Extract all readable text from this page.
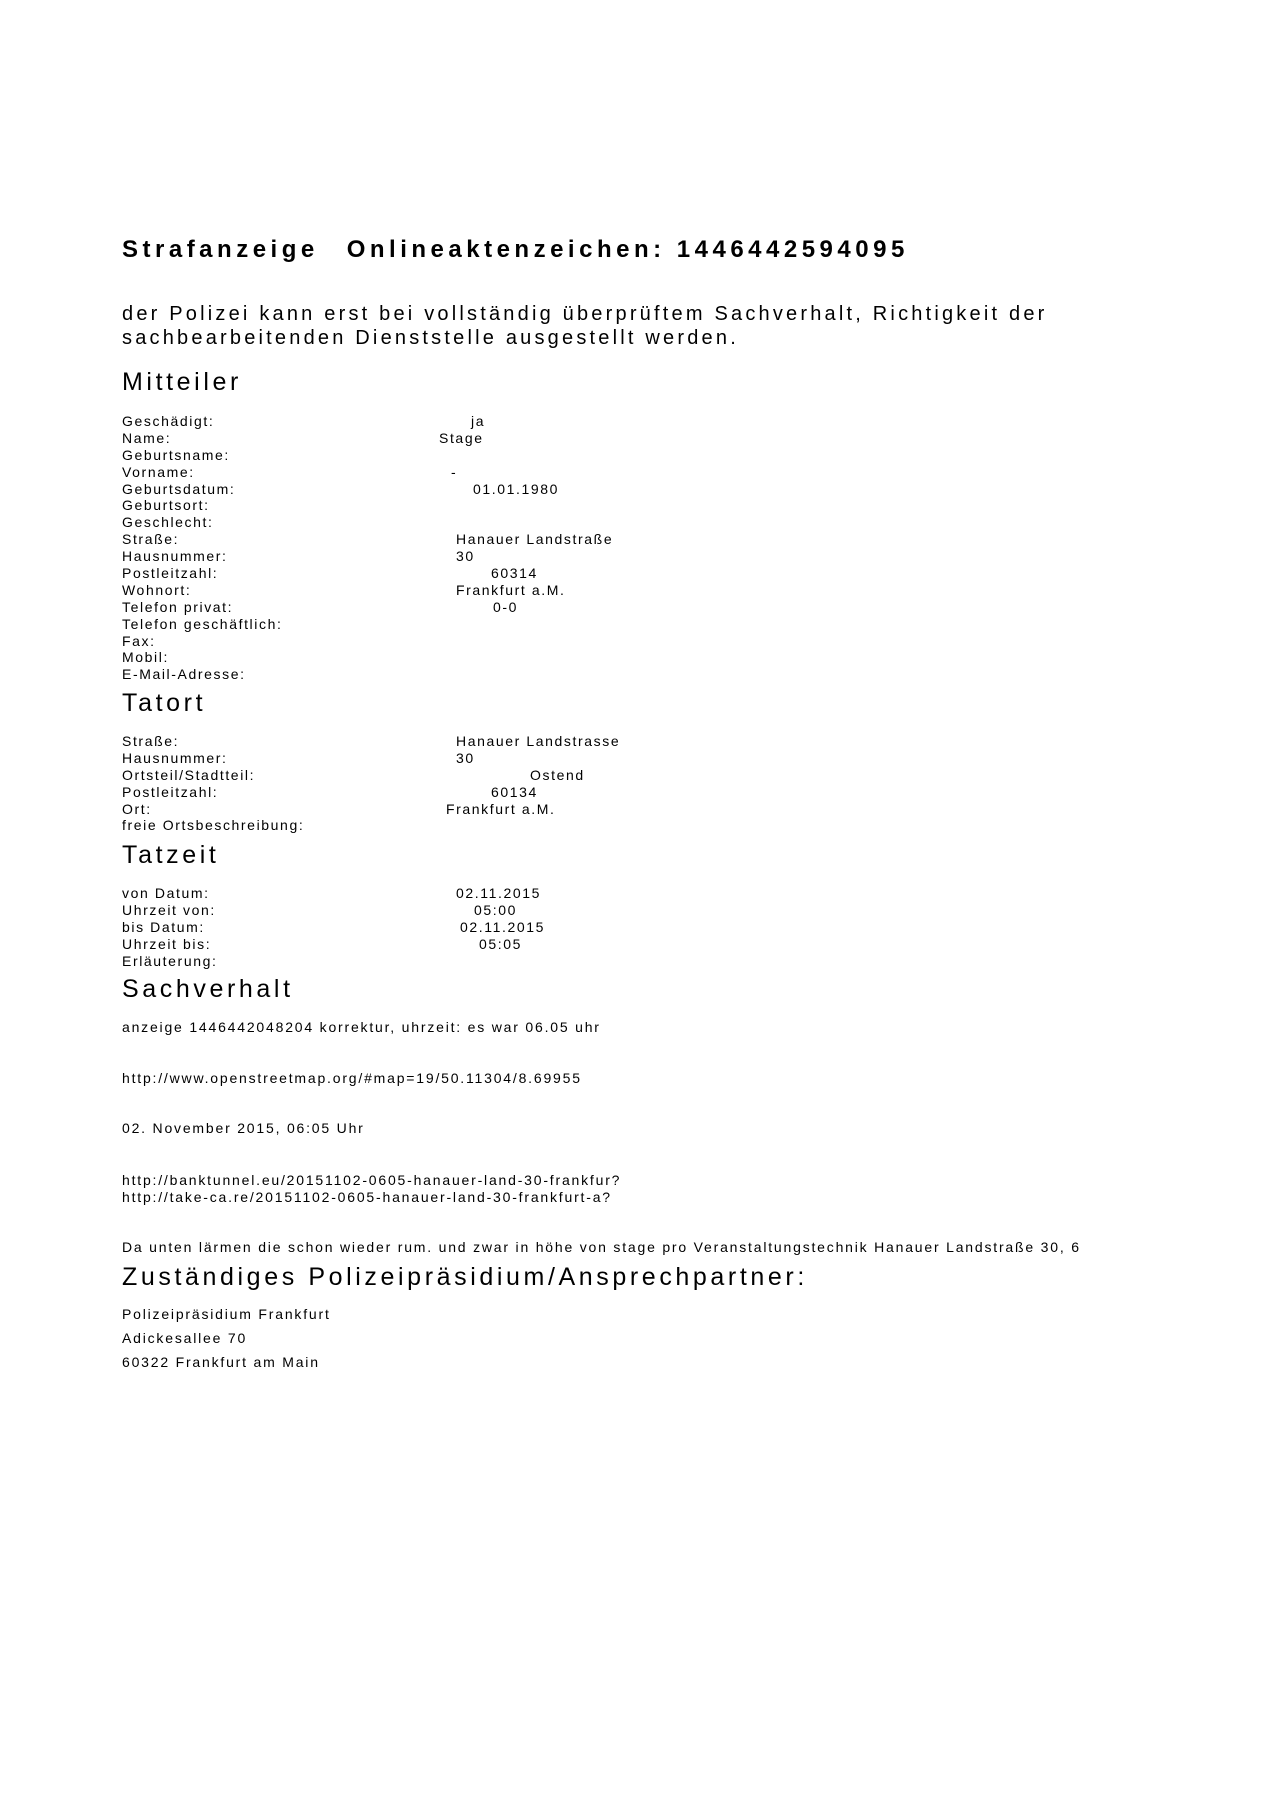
Strafanzeige Onlineaktenzeichen: 1446442594095
der Polizei kann erst bei vollständig überprüftem Sachverhalt, Richtigkeit der
sachbearbeitenden Dienststelle ausgestellt werden.
Mitteiler
Geschädigt:	ja
Name:	Stage
Geburtsname:
Vorname:	-
Geburtsdatum:	01.01.1980
Geburtsort:
Geschlecht:
Straße:	Hanauer Landstraße
Hausnummer:	30
Postleitzahl:	60314
Wohnort:	Frankfurt a.M.
Telefon privat:	0-0
Telefon geschäftlich:
Fax:
Mobil:
E-Mail-Adresse:
Tatort
Straße:	Hanauer Landstrasse
Hausnummer:	30
Ortsteil/Stadtteil:	Ostend
Postleitzahl:	60134
Ort:	Frankfurt a.M.
freie Ortsbeschreibung:
Tatzeit
von Datum:	02.11.2015
Uhrzeit von:	05:00
bis Datum:	02.11.2015
Uhrzeit bis:	05:05
Erläuterung:
Sachverhalt
anzeige 1446442048204 korrektur, uhrzeit: es war 06.05 uhr
http://www.openstreetmap.org/#map=19/50.11304/8.69955
02. November 2015, 06:05 Uhr
http://banktunnel.eu/20151102-0605-hanauer-land-30-frankfur?
http://take-ca.re/20151102-0605-hanauer-land-30-frankfurt-a?
Da unten lärmen die schon wieder rum. und zwar in höhe von stage pro Veranstaltungstechnik Hanauer Landstraße 30, 6
Zuständiges Polizeipräsidium/Ansprechpartner:
Polizeipräsidium Frankfurt
Adickesallee 70
60322 Frankfurt am Main
